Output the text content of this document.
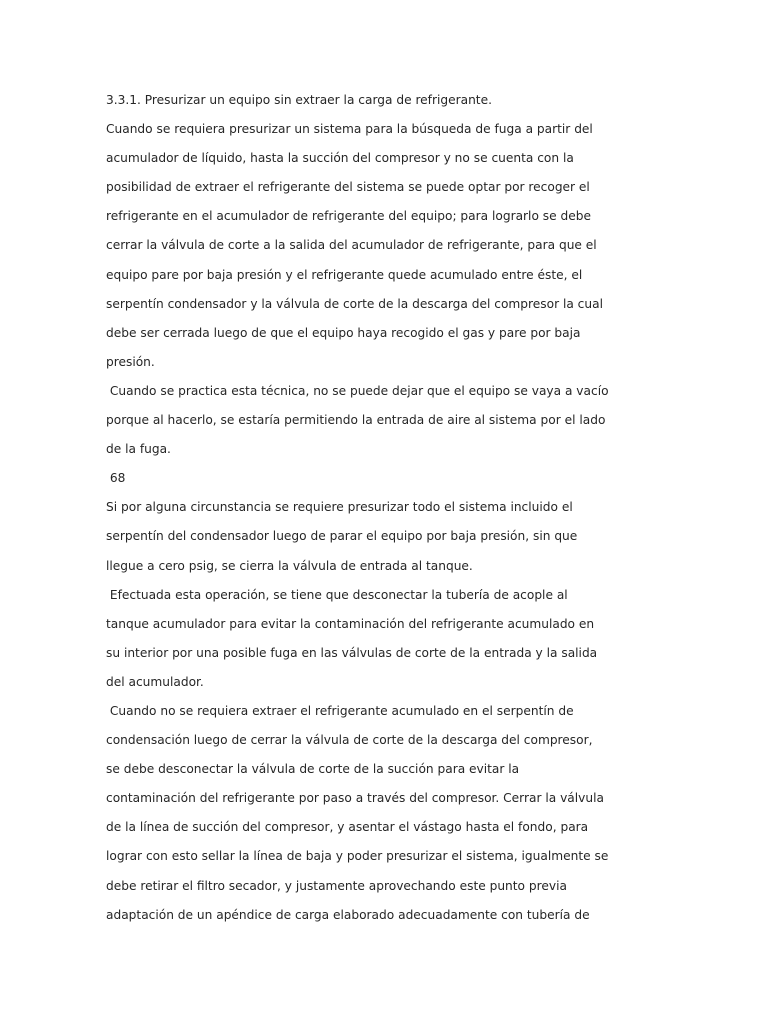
3.3.1. Presurizar un equipo sin extraer la carga de refrigerante.
Cuando se requiera presurizar un sistema para la búsqueda de fuga a partir del
acumulador de líquido, hasta la succión del compresor y no se cuenta con la
posibilidad de extraer el refrigerante del sistema se puede optar por recoger el
refrigerante en el acumulador de refrigerante del equipo; para lograrlo se debe
cerrar la válvula de corte a la salida del acumulador de refrigerante, para que el
equipo pare por baja presión y el refrigerante quede acumulado entre éste, el
serpentín condensador y la válvula de corte de la descarga del compresor la cual
debe ser cerrada luego de que el equipo haya recogido el gas y pare por baja
presión.
Cuando se practica esta técnica, no se puede dejar que el equipo se vaya a vacío
porque al hacerlo, se estaría permitiendo la entrada de aire al sistema por el lado
de la fuga.
68
Si por alguna circunstancia se requiere presurizar todo el sistema incluido el
serpentín del condensador luego de parar el equipo por baja presión, sin que
llegue a cero psig, se cierra la válvula de entrada al tanque.
Efectuada esta operación, se tiene que desconectar la tubería de acople al
tanque acumulador para evitar la contaminación del refrigerante acumulado en
su interior por una posible fuga en las válvulas de corte de la entrada y la salida
del acumulador.
Cuando no se requiera extraer el refrigerante acumulado en el serpentín de
condensación luego de cerrar la válvula de corte de la descarga del compresor,
se debe desconectar la válvula de corte de la succión para evitar la
contaminación del refrigerante por paso a través del compresor. Cerrar la válvula
de la línea de succión del compresor, y asentar el vástago hasta el fondo, para
lograr con esto sellar la línea de baja y poder presurizar el sistema, igualmente se
debe retirar el filtro secador, y justamente aprovechando este punto previa
adaptación de un apéndice de carga elaborado adecuadamente con tubería de
